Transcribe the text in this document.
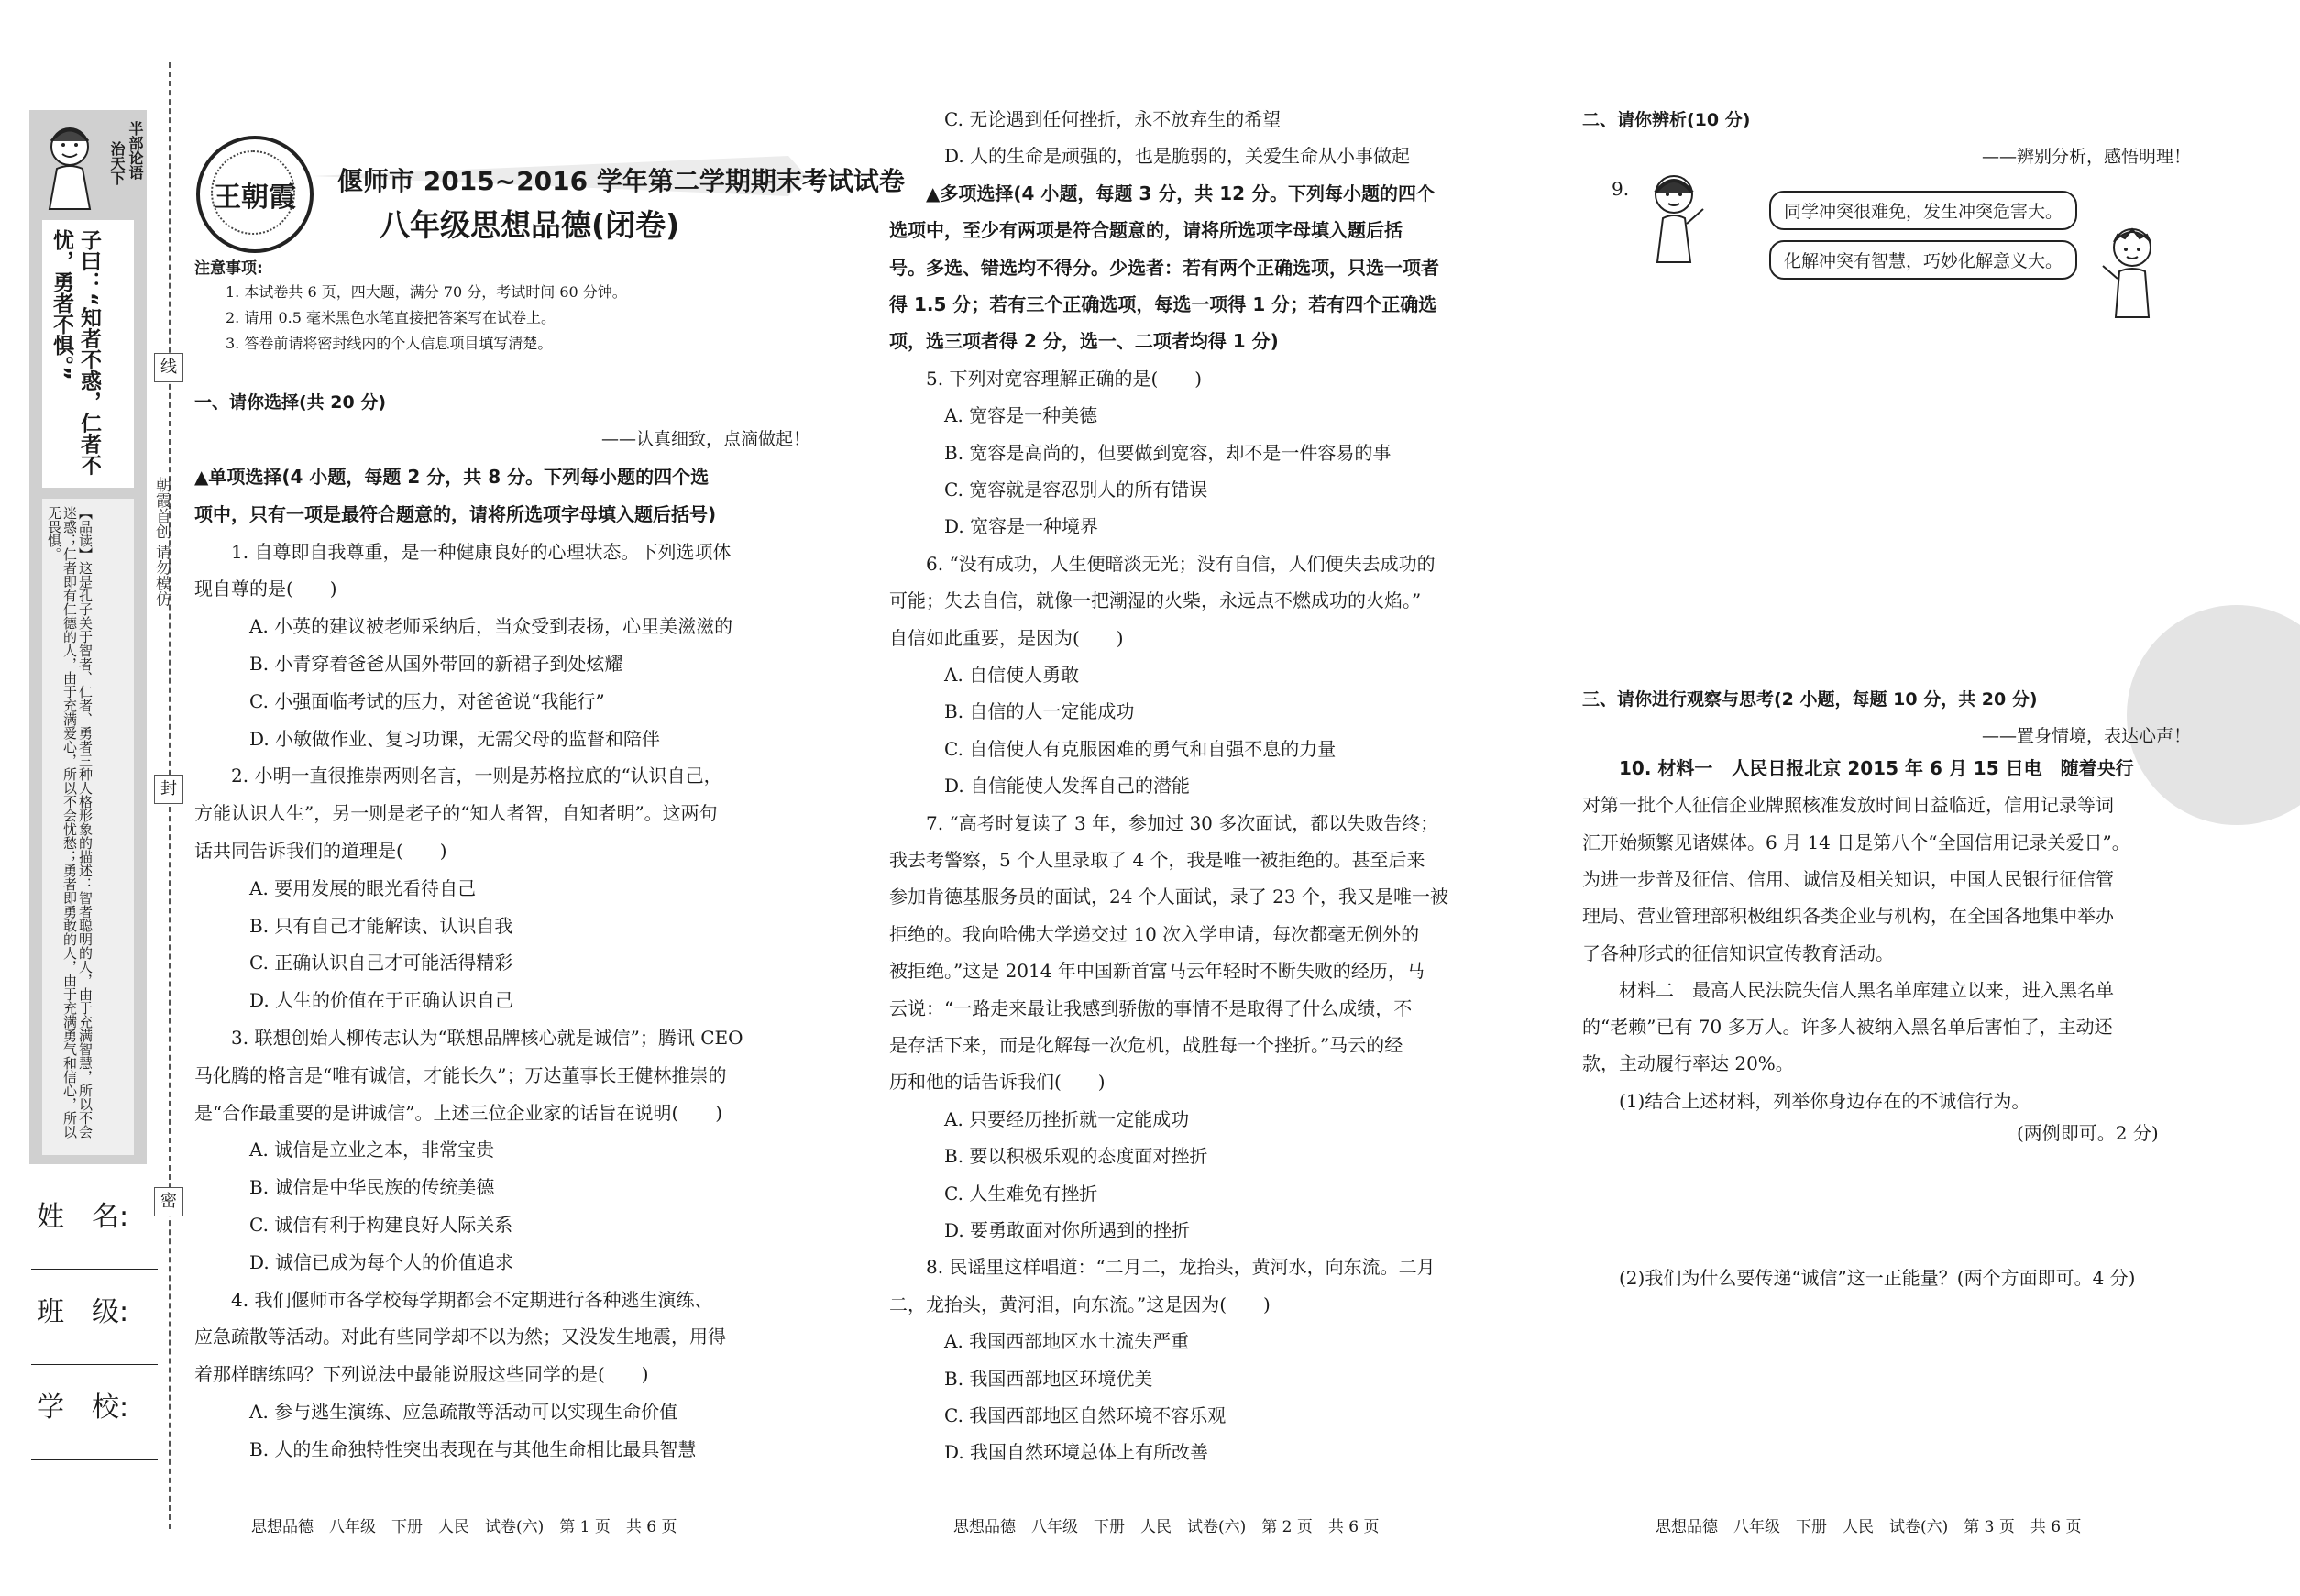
半部论语
治天下
子曰：“知者不惑，仁者不忧，勇者不惧。”
【品读】这是孔子关于智者、仁者、勇者三种人格形象的描述：智者聪明的人，由于充满智慧，所以不会迷惑；仁者即有仁德的人，由于充满爱心，所以不会忧愁；勇者即勇敢的人，由于充满勇气和信心，所以无畏惧。
姓　名:
班　级:
学　校:
线
封
密
朝霞首创 请勿模仿
王朝霞
偃师市 2015~2016 学年第二学期期末考试试卷
八年级思想品德(闭卷)
注意事项:
1. 本试卷共 6 页，四大题，满分 70 分，考试时间 60 分钟。
2. 请用 0.5 毫米黑色水笔直接把答案写在试卷上。
3. 答卷前请将密封线内的个人信息项目填写清楚。
一、请你选择(共 20 分)
——认真细致，点滴做起！
▲单项选择(4 小题，每题 2 分，共 8 分。下列每小题的四个选
项中，只有一项是最符合题意的，请将所选项字母填入题后括号)
1. 自尊即自我尊重，是一种健康良好的心理状态。下列选项体
现自尊的是(　　)
A. 小英的建议被老师采纳后，当众受到表扬，心里美滋滋的
B. 小青穿着爸爸从国外带回的新裙子到处炫耀
C. 小强面临考试的压力，对爸爸说“我能行”
D. 小敏做作业、复习功课，无需父母的监督和陪伴
2. 小明一直很推崇两则名言，一则是苏格拉底的“认识自己，
方能认识人生”，另一则是老子的“知人者智，自知者明”。这两句
话共同告诉我们的道理是(　　)
A. 要用发展的眼光看待自己
B. 只有自己才能解读、认识自我
C. 正确认识自己才可能活得精彩
D. 人生的价值在于正确认识自己
3. 联想创始人柳传志认为“联想品牌核心就是诚信”；腾讯 CEO
马化腾的格言是“唯有诚信，才能长久”；万达董事长王健林推崇的
是“合作最重要的是讲诚信”。上述三位企业家的话旨在说明(　　)
A. 诚信是立业之本，非常宝贵
B. 诚信是中华民族的传统美德
C. 诚信有利于构建良好人际关系
D. 诚信已成为每个人的价值追求
4. 我们偃师市各学校每学期都会不定期进行各种逃生演练、
应急疏散等活动。对此有些同学却不以为然；又没发生地震，用得
着那样瞎练吗？下列说法中最能说服这些同学的是(　　)
A. 参与逃生演练、应急疏散等活动可以实现生命价值
B. 人的生命独特性突出表现在与其他生命相比最具智慧
思想品德　八年级　下册　人民　试卷(六)　第 1 页　共 6 页
C. 无论遇到任何挫折，永不放弃生的希望
D. 人的生命是顽强的，也是脆弱的，关爱生命从小事做起
▲多项选择(4 小题，每题 3 分，共 12 分。下列每小题的四个
选项中，至少有两项是符合题意的，请将所选项字母填入题后括
号。多选、错选均不得分。少选者：若有两个正确选项，只选一项者
得 1.5 分；若有三个正确选项，每选一项得 1 分；若有四个正确选
项，选三项者得 2 分，选一、二项者均得 1 分)
5. 下列对宽容理解正确的是(　　)
A. 宽容是一种美德
B. 宽容是高尚的，但要做到宽容，却不是一件容易的事
C. 宽容就是容忍别人的所有错误
D. 宽容是一种境界
6. “没有成功，人生便暗淡无光；没有自信，人们便失去成功的
可能；失去自信，就像一把潮湿的火柴，永远点不燃成功的火焰。”
自信如此重要，是因为(　　)
A. 自信使人勇敢
B. 自信的人一定能成功
C. 自信使人有克服困难的勇气和自强不息的力量
D. 自信能使人发挥自己的潜能
7. “高考时复读了 3 年，参加过 30 多次面试，都以失败告终；
我去考警察，5 个人里录取了 4 个，我是唯一被拒绝的。甚至后来
参加肯德基服务员的面试，24 个人面试，录了 23 个，我又是唯一被
拒绝的。我向哈佛大学递交过 10 次入学申请，每次都毫无例外的
被拒绝。”这是 2014 年中国新首富马云年轻时不断失败的经历，马
云说：“一路走来最让我感到骄傲的事情不是取得了什么成绩，不
是存活下来，而是化解每一次危机，战胜每一个挫折。”马云的经
历和他的话告诉我们(　　)
A. 只要经历挫折就一定能成功
B. 要以积极乐观的态度面对挫折
C. 人生难免有挫折
D. 要勇敢面对你所遇到的挫折
8. 民谣里这样唱道：“二月二，龙抬头，黄河水，向东流。二月
二，龙抬头，黄河泪，向东流。”这是因为(　　)
A. 我国西部地区水土流失严重
B. 我国西部地区环境优美
C. 我国西部地区自然环境不容乐观
D. 我国自然环境总体上有所改善
思想品德　八年级　下册　人民　试卷(六)　第 2 页　共 6 页
二、请你辨析(10 分)
——辨别分析，感悟明理！
9.
同学冲突很难免，发生冲突危害大。
化解冲突有智慧，巧妙化解意义大。
三、请你进行观察与思考(2 小题，每题 10 分，共 20 分)
——置身情境，表达心声！
10. 材料一　人民日报北京 2015 年 6 月 15 日电　随着央行
对第一批个人征信企业牌照核准发放时间日益临近，信用记录等词
汇开始频繁见诸媒体。6 月 14 日是第八个“全国信用记录关爱日”。
为进一步普及征信、信用、诚信及相关知识，中国人民银行征信管
理局、营业管理部积极组织各类企业与机构，在全国各地集中举办
了各种形式的征信知识宣传教育活动。
材料二　最高人民法院失信人黑名单库建立以来，进入黑名单
的“老赖”已有 70 多万人。许多人被纳入黑名单后害怕了，主动还
款，主动履行率达 20%。
(1)结合上述材料，列举你身边存在的不诚信行为。
(两例即可。2 分)
(2)我们为什么要传递“诚信”这一正能量？(两个方面即可。4 分)
思想品德　八年级　下册　人民　试卷(六)　第 3 页　共 6 页
